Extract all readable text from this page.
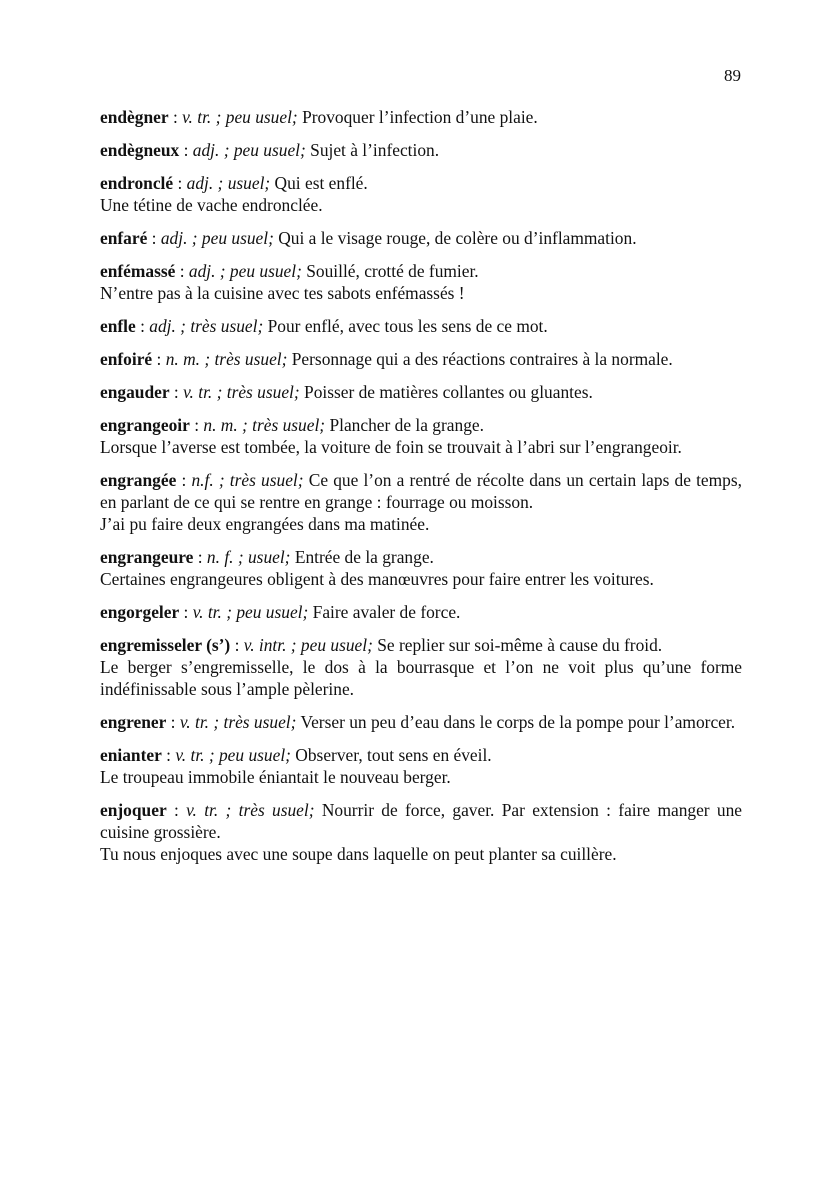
89

endègner : v. tr. ; peu usuel; Provoquer l’infection d’une plaie.

endègneux : adj. ; peu usuel; Sujet à l’infection.

endronclé : adj. ; usuel; Qui est enflé.

Une tétine de vache endronclée.

enfaré : adj. ; peu usuel; Qui a le visage rouge, de colère ou d’inflammation.

enfémassé : adj. ; peu usuel; Souillé, crotté de fumier.

N’entre pas à la cuisine avec tes sabots enfémassés !

enfle : adj. ; très usuel; Pour enflé, avec tous les sens de ce mot.

enfoiré : n. m. ; très usuel; Personnage qui a des réactions contraires à la normale.

engauder : v. tr. ; très usuel; Poisser de matières collantes ou gluantes.

engrangeoir : n. m. ; très usuel; Plancher de la grange.

Lorsque l’averse est tombée, la voiture de foin se trouvait à l’abri sur l’engrangeoir.

engrangée : n.f. ; très usuel; Ce que l’on a rentré de récolte dans un certain laps de temps, en parlant de ce qui se rentre en grange : fourrage ou moisson.

J’ai pu faire deux engrangées dans ma matinée.

engrangeure : n. f. ; usuel; Entrée de la grange.

Certaines engrangeures obligent à des manœuvres pour faire entrer les voitures.

engorgeler : v. tr. ; peu usuel; Faire avaler de force.

engremisseler (s’) : v. intr. ; peu usuel; Se replier sur soi-même à cause du froid.

Le berger s’engremisselle, le dos à la bourrasque et l’on ne voit plus qu’une forme indéfinissable sous l’ample pèlerine.

engrener : v. tr. ; très usuel; Verser un peu d’eau dans le corps de la pompe pour l’amorcer.

enianter : v. tr. ; peu usuel; Observer, tout sens en éveil.

Le troupeau immobile éniantait le nouveau berger.

enjoquer : v. tr. ; très usuel; Nourrir de force, gaver. Par extension : faire manger une cuisine grossière.

Tu nous enjoques avec une soupe dans laquelle on peut planter sa cuillère.
